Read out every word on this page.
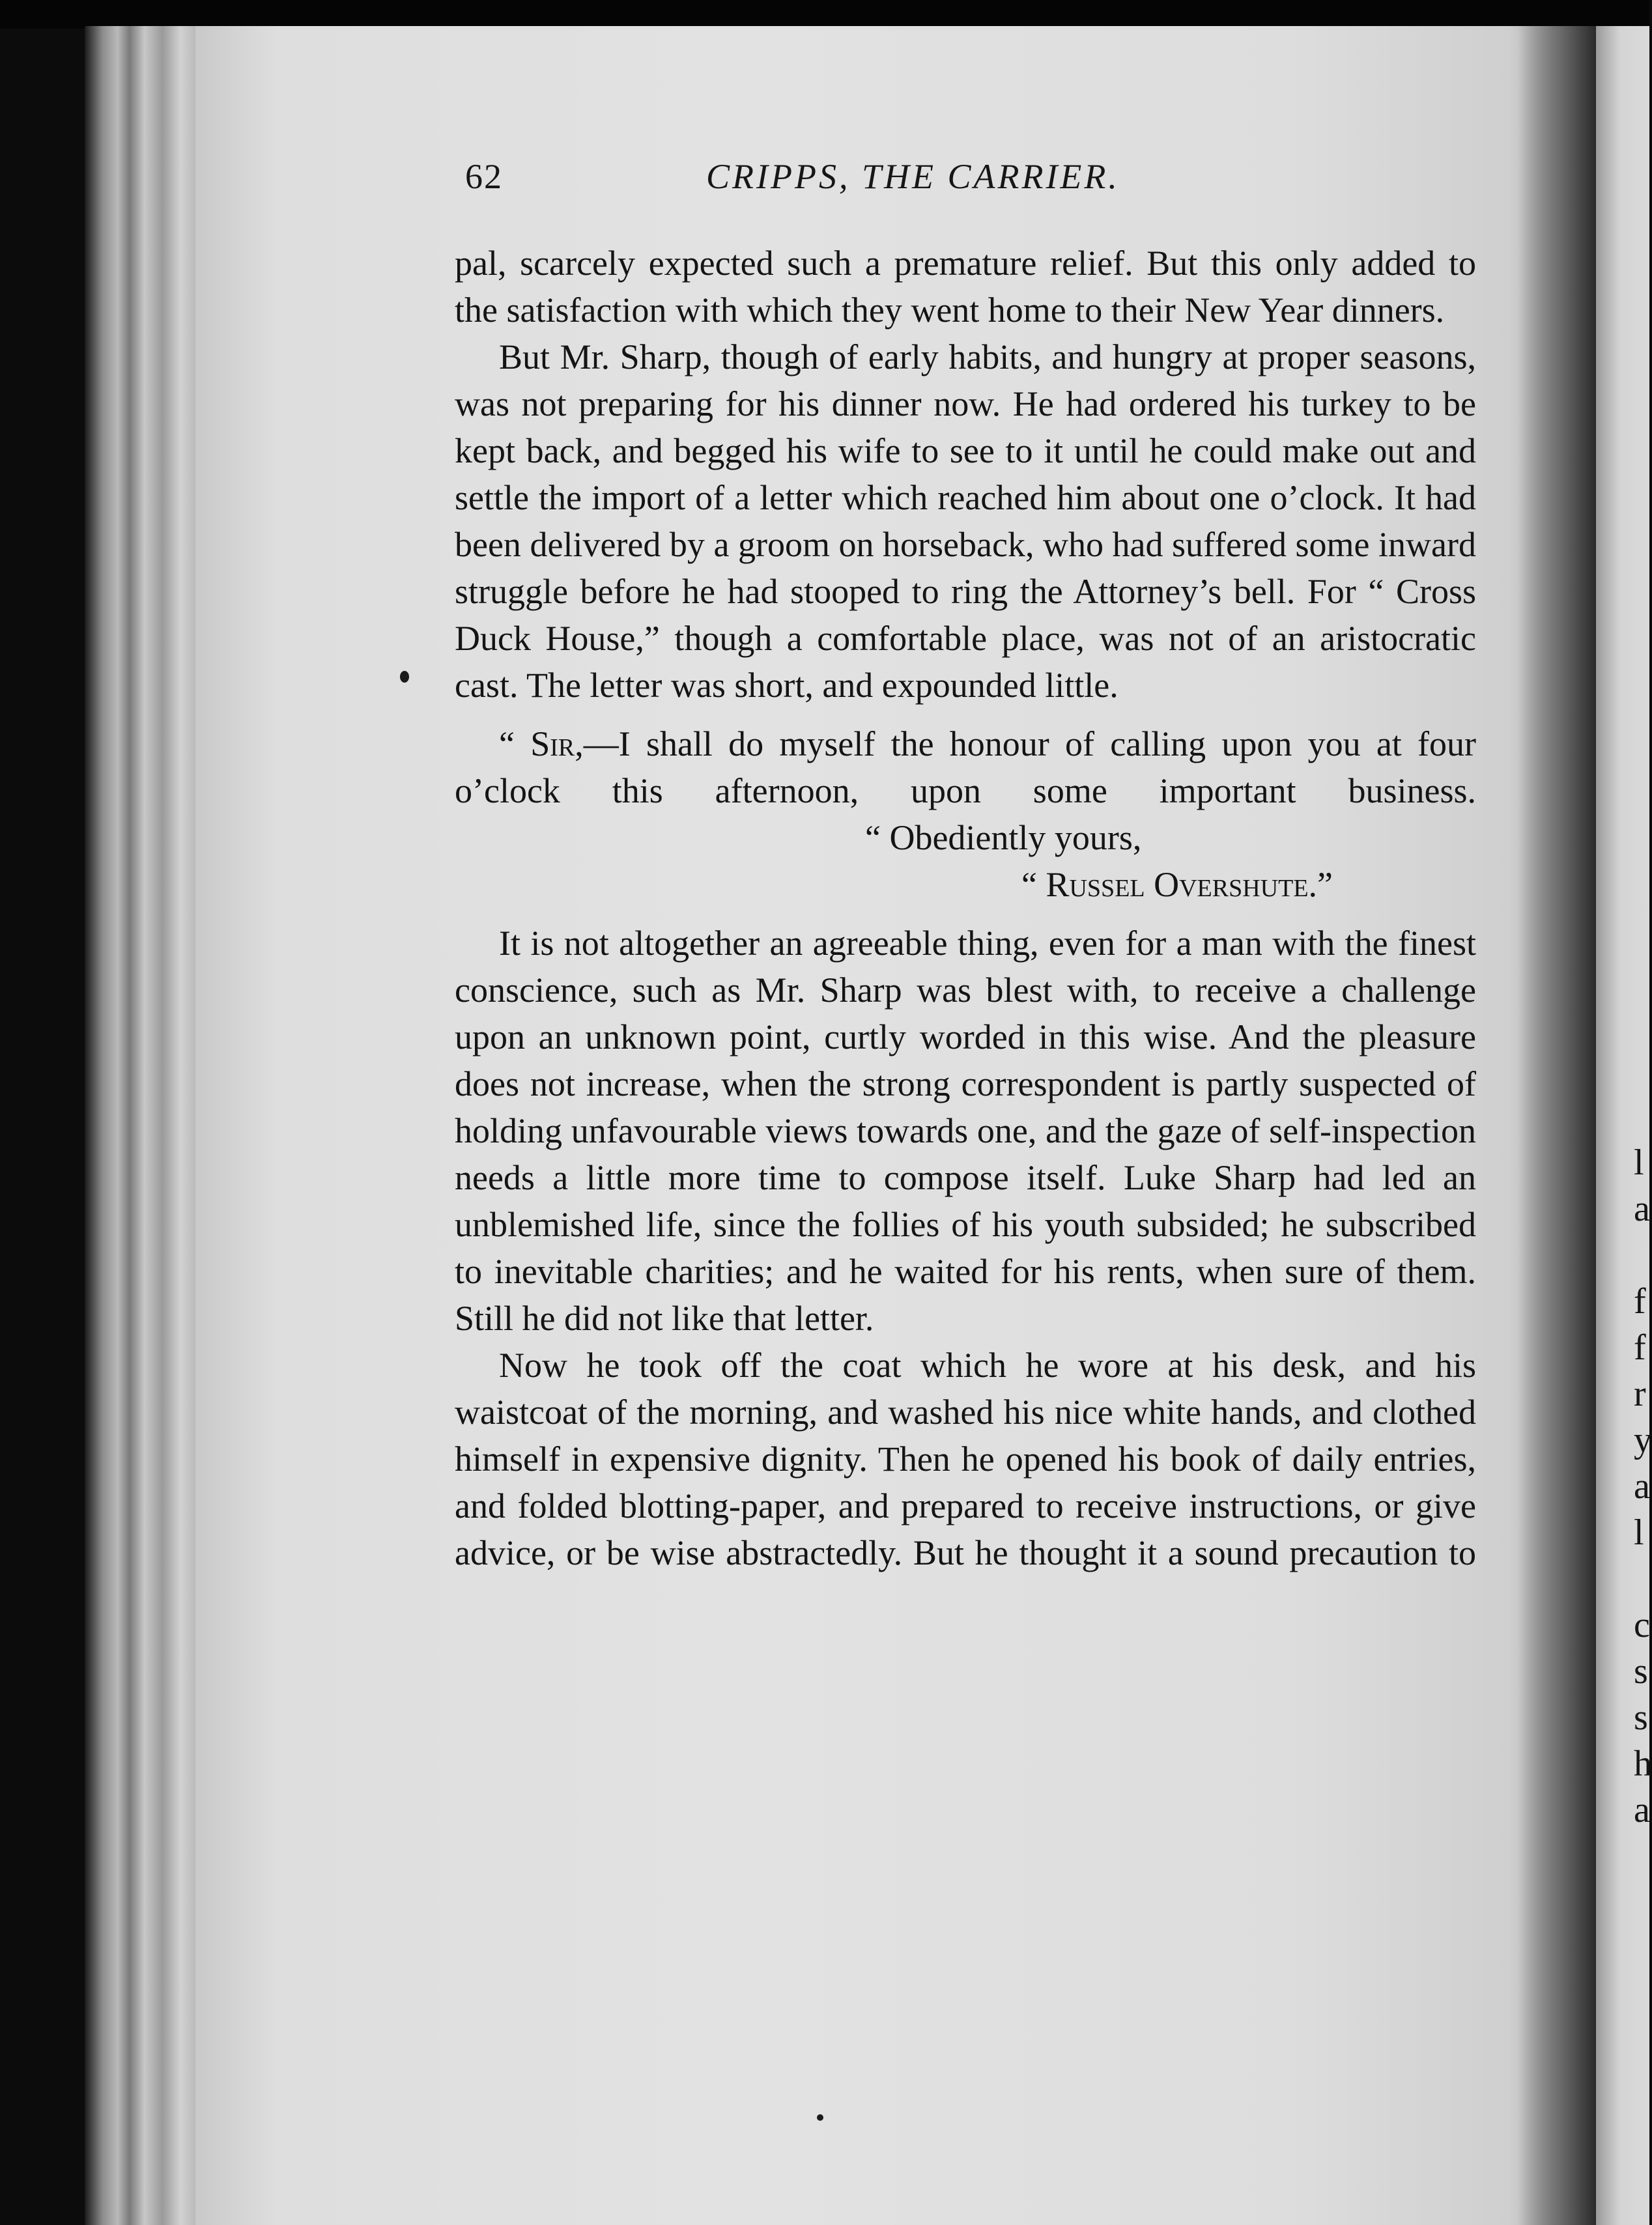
l
a
f
f
r
y
a
l
c
s
s
h
a
62	CRIPPS, THE CARRIER.

pal, scarcely expected such a premature relief. But this only added to the satisfaction with which they went home to their New Year dinners.

But Mr. Sharp, though of early habits, and hungry at proper seasons, was not preparing for his dinner now. He had ordered his turkey to be kept back, and begged his wife to see to it until he could make out and settle the import of a letter which reached him about one o’clock. It had been delivered by a groom on horseback, who had suffered some inward struggle before he had stooped to ring the Attorney’s bell. For “ Cross Duck House,” though a comfortable place, was not of an aristocratic cast. The letter was short, and expounded little.

“ Sir,—I shall do myself the honour of calling upon you at four o’clock this afternoon, upon some important business.

“ Obediently yours,

“ Russel Overshute.”

It is not altogether an agreeable thing, even for a man with the finest conscience, such as Mr. Sharp was blest with, to receive a challenge upon an unknown point, curtly worded in this wise. And the pleasure does not increase, when the strong correspondent is partly suspected of holding unfavourable views towards one, and the gaze of self-inspection needs a little more time to compose itself. Luke Sharp had led an unblemished life, since the follies of his youth subsided; he subscribed to inevitable charities; and he waited for his rents, when sure of them. Still he did not like that letter.

Now he took off the coat which he wore at his desk, and his waistcoat of the morning, and washed his nice white hands, and clothed himself in expensive dignity. Then he opened his book of daily entries, and folded blotting-paper, and prepared to receive instructions, or give advice, or be wise abstractedly. But he thought it a sound precaution to
